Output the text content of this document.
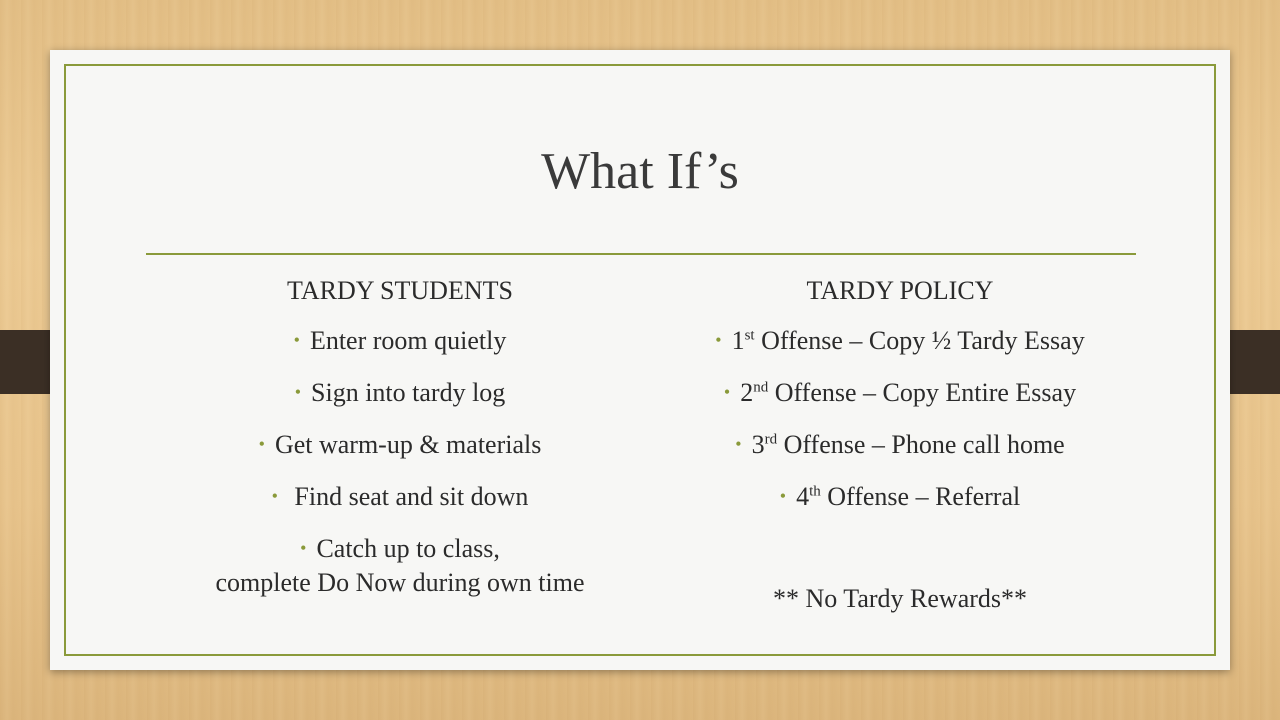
What If’s
TARDY STUDENTS
• Enter room quietly
• Sign into tardy log
• Get warm-up & materials
• Find seat and sit down
• Catch up to class,
complete Do Now during own time
TARDY POLICY
• 1st Offense – Copy ½ Tardy Essay
• 2nd Offense – Copy Entire Essay
• 3rd Offense – Phone call home
• 4th Offense – Referral
** No Tardy Rewards**
